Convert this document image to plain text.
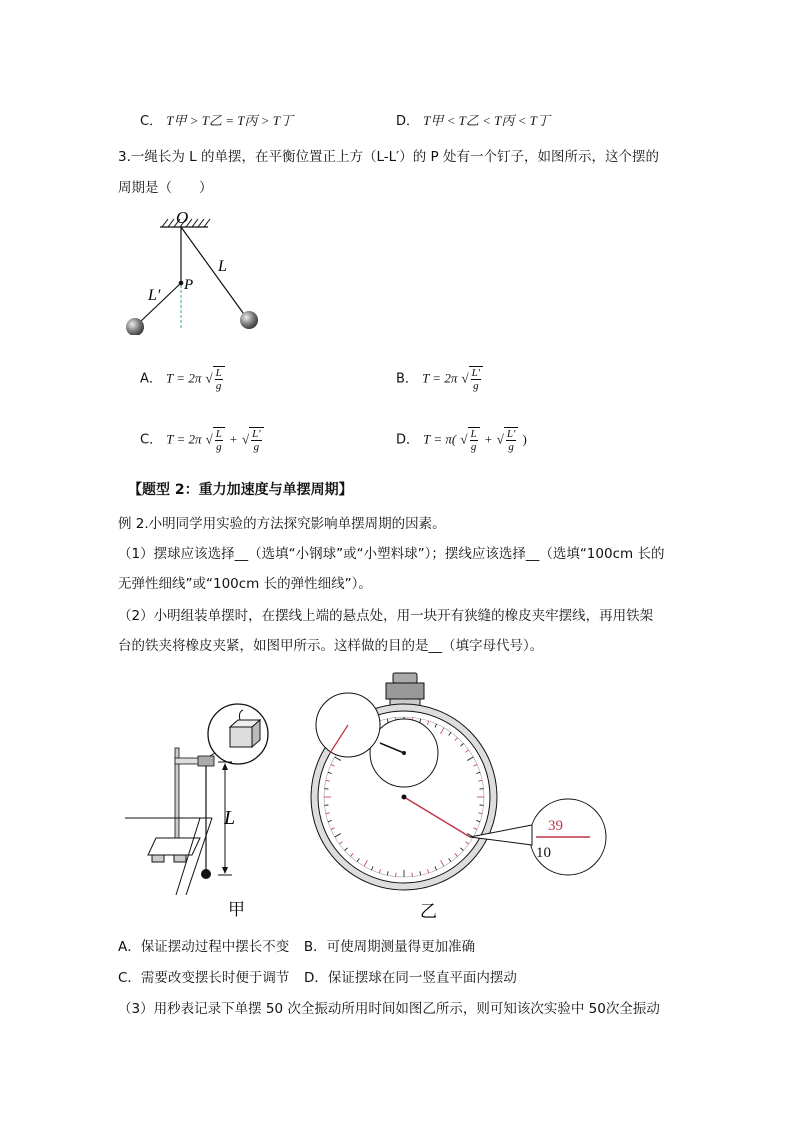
C． T甲 > T乙 = T丙 > T丁	D． T甲 < T乙 < T丙 < T丁
3.一绳长为 L 的单摆，在平衡位置正上方（L-L′）的 P 处有一个钉子，如图所示，这个摆的
周期是（　　）
O
P
L
L′
A． T = 2π √ $\frac{L}{g}$	B． T = 2π √ $\frac{L'}{g}$
C． T = 2π √ $\frac{L}{g}$ + √ $\frac{L'}{g}$	D． T = π( √ $\frac{L}{g}$ + √ $\frac{L'}{g}$ )
【题型 2：重力加速度与单摆周期】
例 2.小明同学用实验的方法探究影响单摆周期的因素。
（1）摆球应该选择__（选填“小钢球”或“小塑料球”）；摆线应该选择__（选填“100cm 长的
无弹性细线”或“100cm 长的弹性细线”）。
（2）小明组装单摆时，在摆线上端的悬点处，用一块开有狭缝的橡皮夹牢摆线，再用铁架
台的铁夹将橡皮夹紧，如图甲所示。这样做的目的是__（填字母代号）。
L
甲
39
10
乙
A．保证摆动过程中摆长不变 B．可使周期测量得更加准确
C．需要改变摆长时便于调节 D．保证摆球在同一竖直平面内摆动
（3）用秒表记录下单摆 50 次全振动所用时间如图乙所示，则可知该次实验中 50次全振动
